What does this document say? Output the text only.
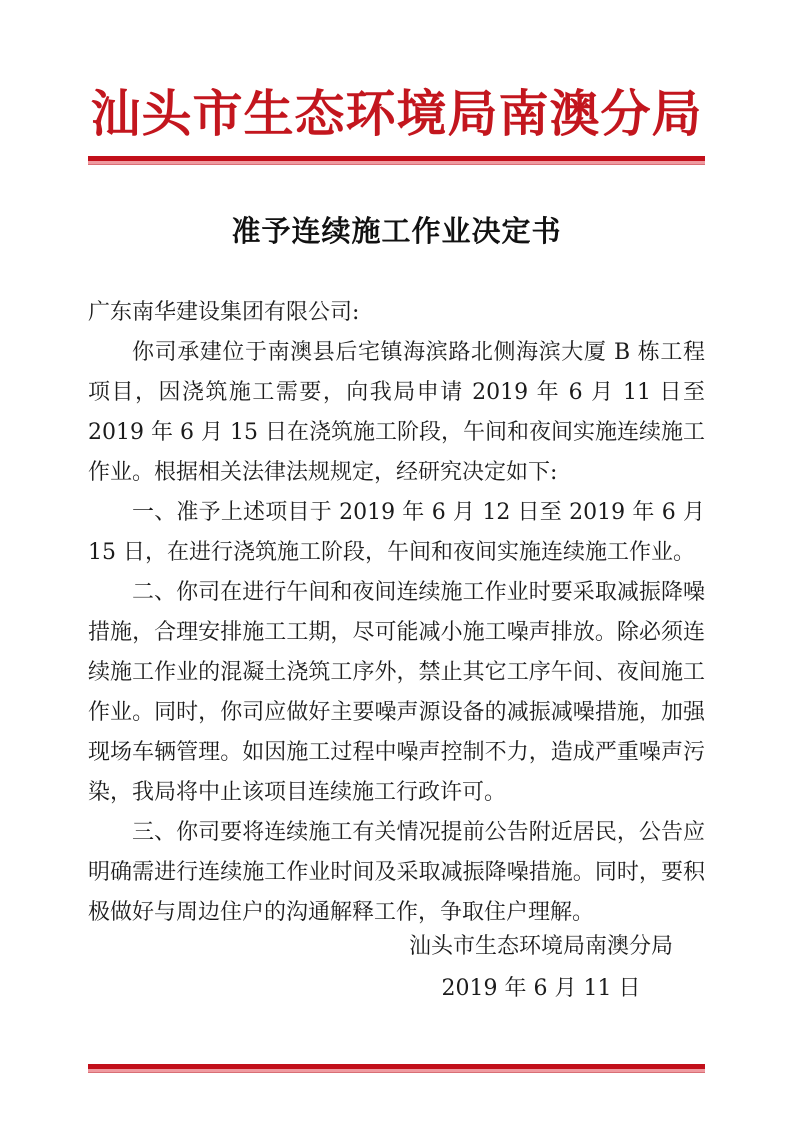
汕头市生态环境局南澳分局
准予连续施工作业决定书

广东南华建设集团有限公司:

你司承建位于南澳县后宅镇海滨路北侧海滨大厦 B 栋工程项目，因浇筑施工需要，向我局申请 2019 年 6 月 11 日至 2019 年 6 月 15 日在浇筑施工阶段，午间和夜间实施连续施工作业。根据相关法律法规规定，经研究决定如下:

一、准予上述项目于 2019 年 6 月 12 日至 2019 年 6 月 15 日，在进行浇筑施工阶段，午间和夜间实施连续施工作业。

二、你司在进行午间和夜间连续施工作业时要采取减振降噪措施，合理安排施工工期，尽可能减小施工噪声排放。除必须连续施工作业的混凝土浇筑工序外，禁止其它工序午间、夜间施工作业。同时，你司应做好主要噪声源设备的减振减噪措施，加强现场车辆管理。如因施工过程中噪声控制不力，造成严重噪声污染，我局将中止该项目连续施工行政许可。

三、你司要将连续施工有关情况提前公告附近居民，公告应明确需进行连续施工作业时间及采取减振降噪措施。同时，要积极做好与周边住户的沟通解释工作，争取住户理解。

汕头市生态环境局南澳分局
2019 年 6 月 11 日
